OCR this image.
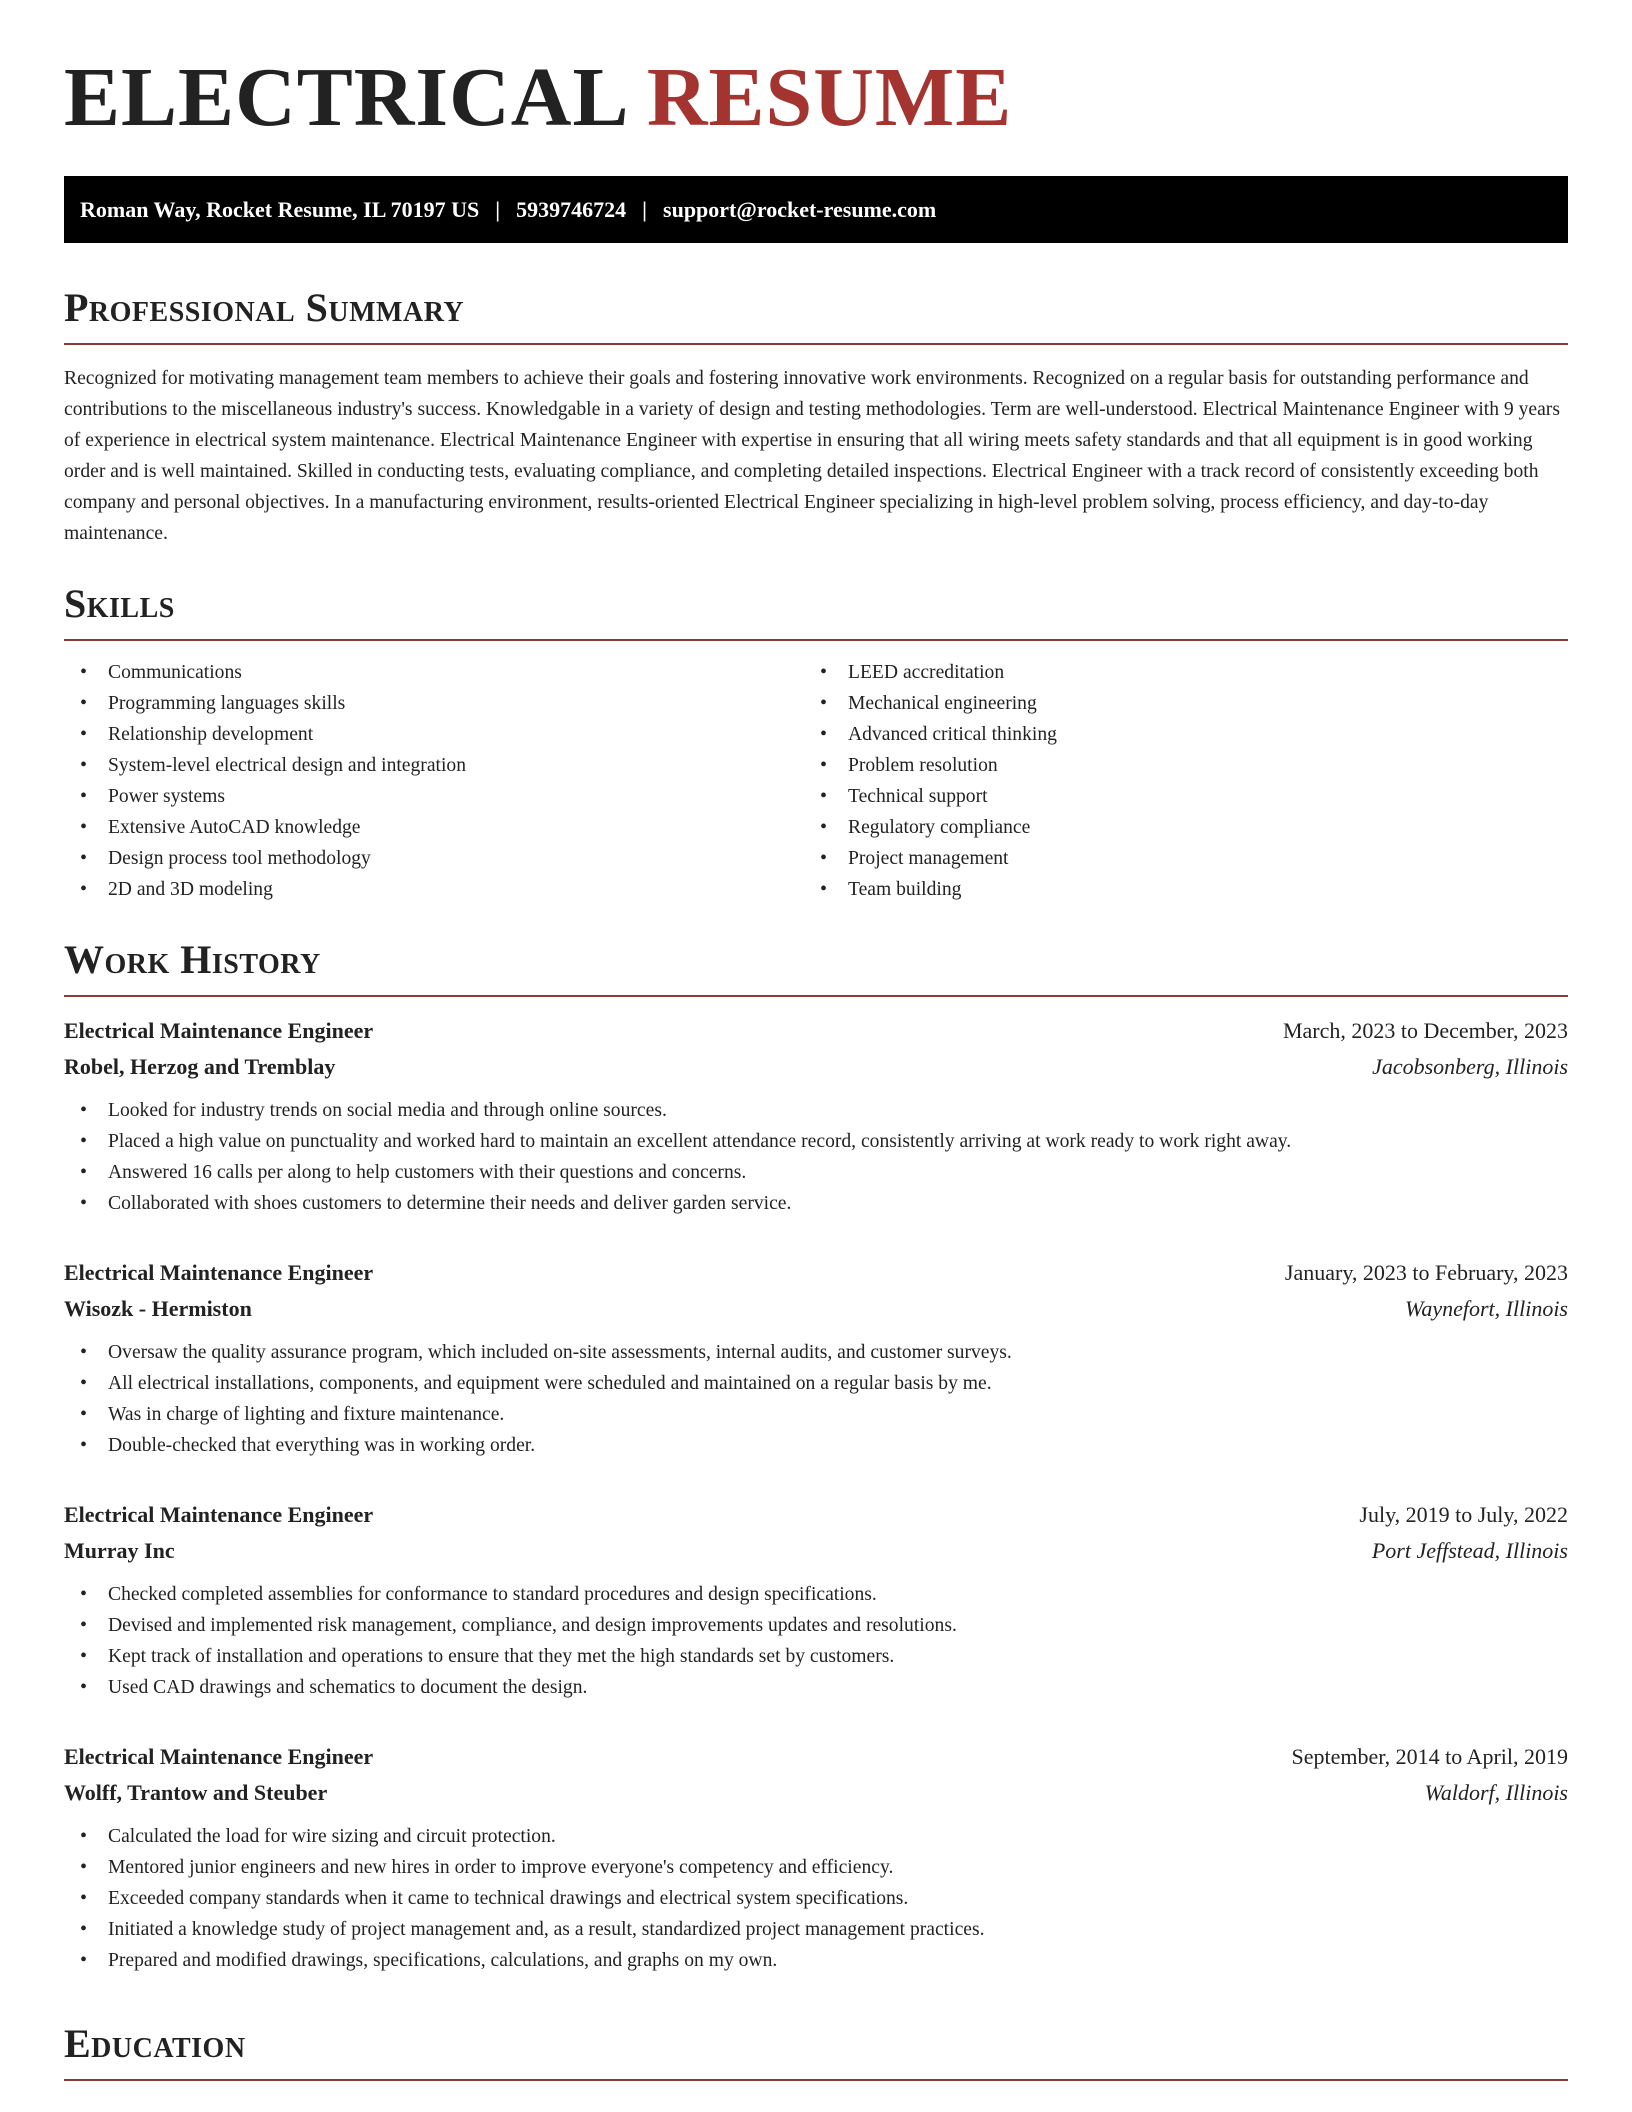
ELECTRICAL RESUME
Roman Way, Rocket Resume, IL 70197 US | 5939746724 | support@rocket-resume.com
Professional Summary

Recognized for motivating management team members to achieve their goals and fostering innovative work environments. Recognized on a regular basis for outstanding performance and contributions to the miscellaneous industry's success. Knowledgable in a variety of design and testing methodologies. Term are well-understood. Electrical Maintenance Engineer with 9 years of experience in electrical system maintenance. Electrical Maintenance Engineer with expertise in ensuring that all wiring meets safety standards and that all equipment is in good working order and is well maintained. Skilled in conducting tests, evaluating compliance, and completing detailed inspections. Electrical Engineer with a track record of consistently exceeding both company and personal objectives. In a manufacturing environment, results-oriented Electrical Engineer specializing in high-level problem solving, process efficiency, and day-to-day maintenance.

Skills
• Communications
• Programming languages skills
• Relationship development
• System-level electrical design and integration
• Power systems
• Extensive AutoCAD knowledge
• Design process tool methodology
• 2D and 3D modeling
• LEED accreditation
• Mechanical engineering
• Advanced critical thinking
• Problem resolution
• Technical support
• Regulatory compliance
• Project management
• Team building
Work History
Electrical Maintenance Engineer	March, 2023 to December, 2023
Robel, Herzog and Tremblay	Jacobsonberg, Illinois
• Looked for industry trends on social media and through online sources.
• Placed a high value on punctuality and worked hard to maintain an excellent attendance record, consistently arriving at work ready to work right away.
• Answered 16 calls per along to help customers with their questions and concerns.
• Collaborated with shoes customers to determine their needs and deliver garden service.
Electrical Maintenance Engineer	January, 2023 to February, 2023
Wisozk - Hermiston	Waynefort, Illinois
• Oversaw the quality assurance program, which included on-site assessments, internal audits, and customer surveys.
• All electrical installations, components, and equipment were scheduled and maintained on a regular basis by me.
• Was in charge of lighting and fixture maintenance.
• Double-checked that everything was in working order.
Electrical Maintenance Engineer	July, 2019 to July, 2022
Murray Inc	Port Jeffstead, Illinois
• Checked completed assemblies for conformance to standard procedures and design specifications.
• Devised and implemented risk management, compliance, and design improvements updates and resolutions.
• Kept track of installation and operations to ensure that they met the high standards set by customers.
• Used CAD drawings and schematics to document the design.
Electrical Maintenance Engineer	September, 2014 to April, 2019
Wolff, Trantow and Steuber	Waldorf, Illinois
• Calculated the load for wire sizing and circuit protection.
• Mentored junior engineers and new hires in order to improve everyone's competency and efficiency.
• Exceeded company standards when it came to technical drawings and electrical system specifications.
• Initiated a knowledge study of project management and, as a result, standardized project management practices.
• Prepared and modified drawings, specifications, calculations, and graphs on my own.
Education
